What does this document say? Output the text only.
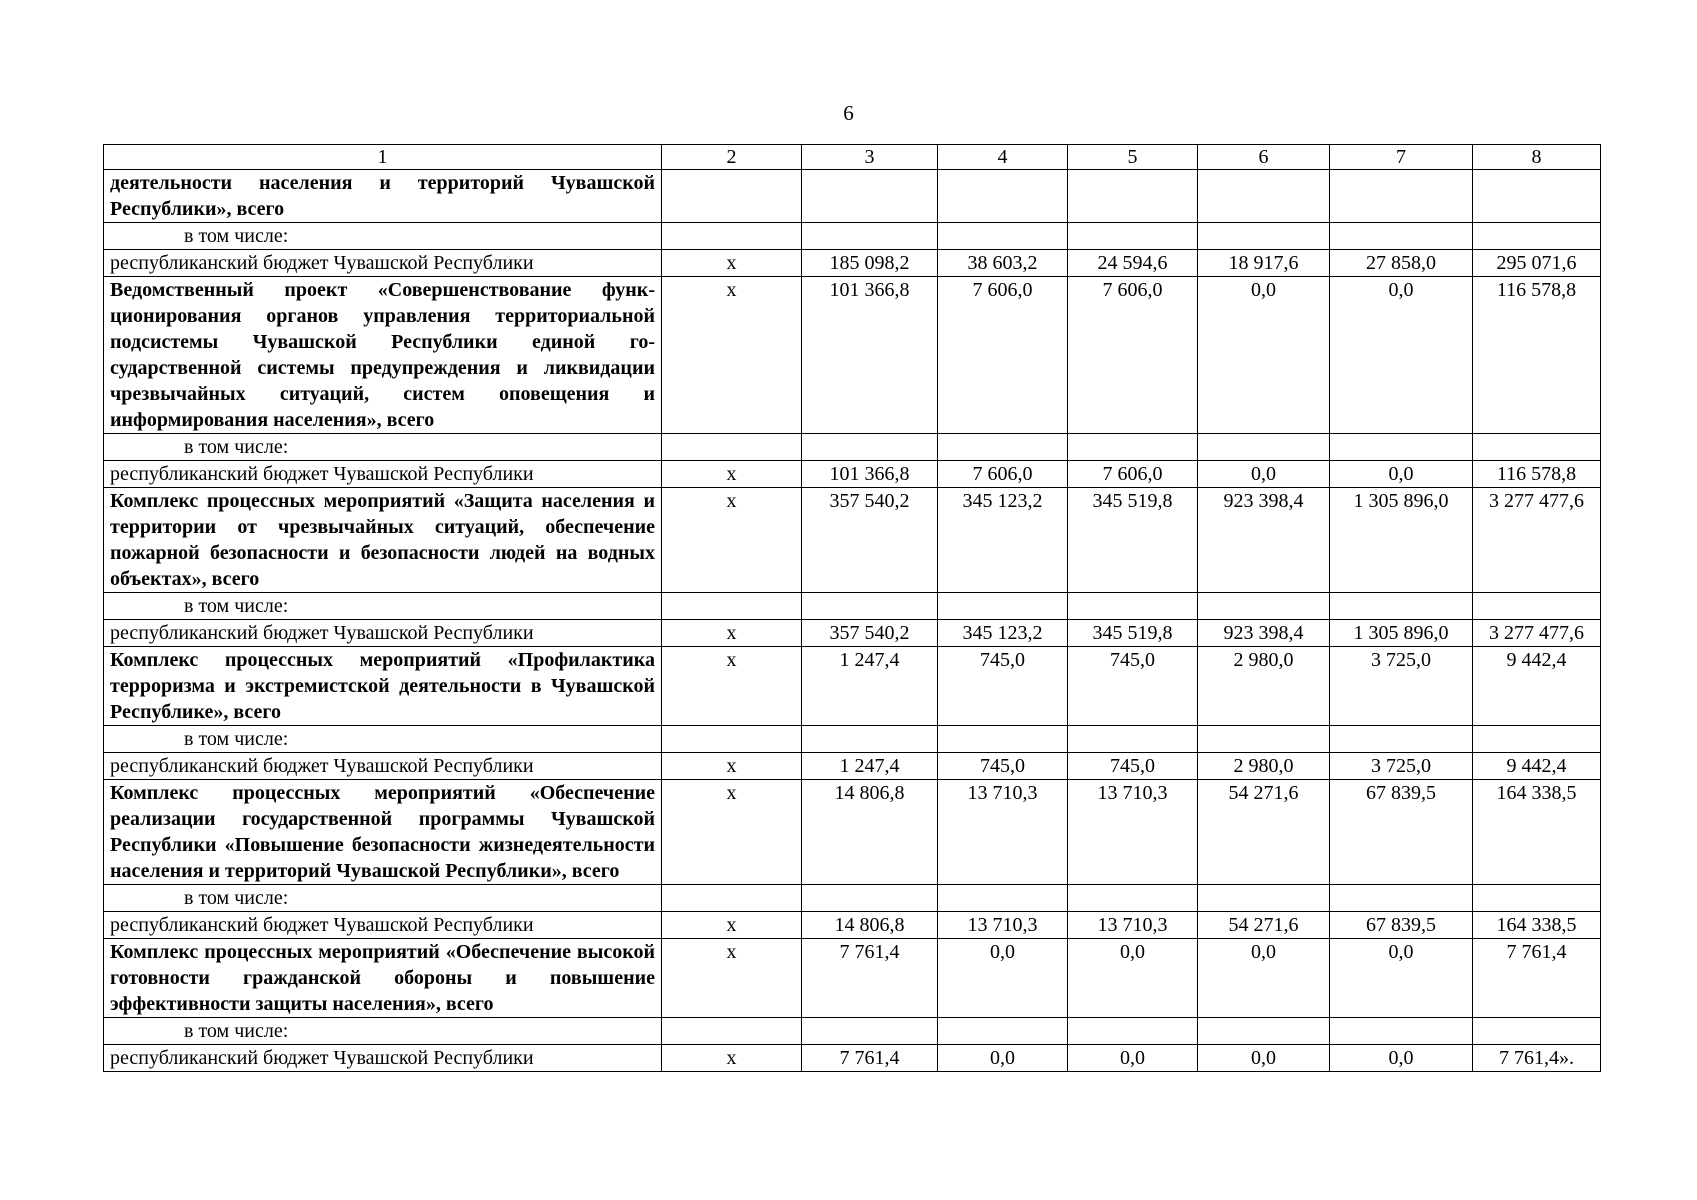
6
1	2	3	4	5	6	7	8
деятельности населения и территорий Чувашской Республики», всего							
в том числе:							
республиканский бюджет Чувашской Республики	х	185 098,2	38 603,2	24 594,6	18 917,6	27 858,0	295 071,6
Ведомственный проект «Совершенствование функционирования органов управления территориальной подсистемы Чувашской Республики единой государственной системы предупреждения и ликвидации чрезвычайных ситуаций, систем оповещения и информирования населения», всего	х	101 366,8	7 606,0	7 606,0	0,0	0,0	116 578,8
в том числе:							
республиканский бюджет Чувашской Республики	х	101 366,8	7 606,0	7 606,0	0,0	0,0	116 578,8
Комплекс процессных мероприятий «Защита населения и территории от чрезвычайных ситуаций, обеспечение пожарной безопасности и безопасности людей на водных объектах», всего	х	357 540,2	345 123,2	345 519,8	923 398,4	1 305 896,0	3 277 477,6
в том числе:							
республиканский бюджет Чувашской Республики	х	357 540,2	345 123,2	345 519,8	923 398,4	1 305 896,0	3 277 477,6
Комплекс процессных мероприятий «Профилактика терроризма и экстремистской деятельности в Чувашской Республике», всего	х	1 247,4	745,0	745,0	2 980,0	3 725,0	9 442,4
в том числе:							
республиканский бюджет Чувашской Республики	х	1 247,4	745,0	745,0	2 980,0	3 725,0	9 442,4
Комплекс процессных мероприятий «Обеспечение реализации государственной программы Чувашской Республики «Повышение безопасности жизнедеятельности населения и территорий Чувашской Республики», всего	х	14 806,8	13 710,3	13 710,3	54 271,6	67 839,5	164 338,5
в том числе:							
республиканский бюджет Чувашской Республики	х	14 806,8	13 710,3	13 710,3	54 271,6	67 839,5	164 338,5
Комплекс процессных мероприятий «Обеспечение высокой готовности гражданской обороны и повышение эффективности защиты населения», всего	х	7 761,4	0,0	0,0	0,0	0,0	7 761,4
в том числе:							
республиканский бюджет Чувашской Республики	х	7 761,4	0,0	0,0	0,0	0,0	7 761,4».
